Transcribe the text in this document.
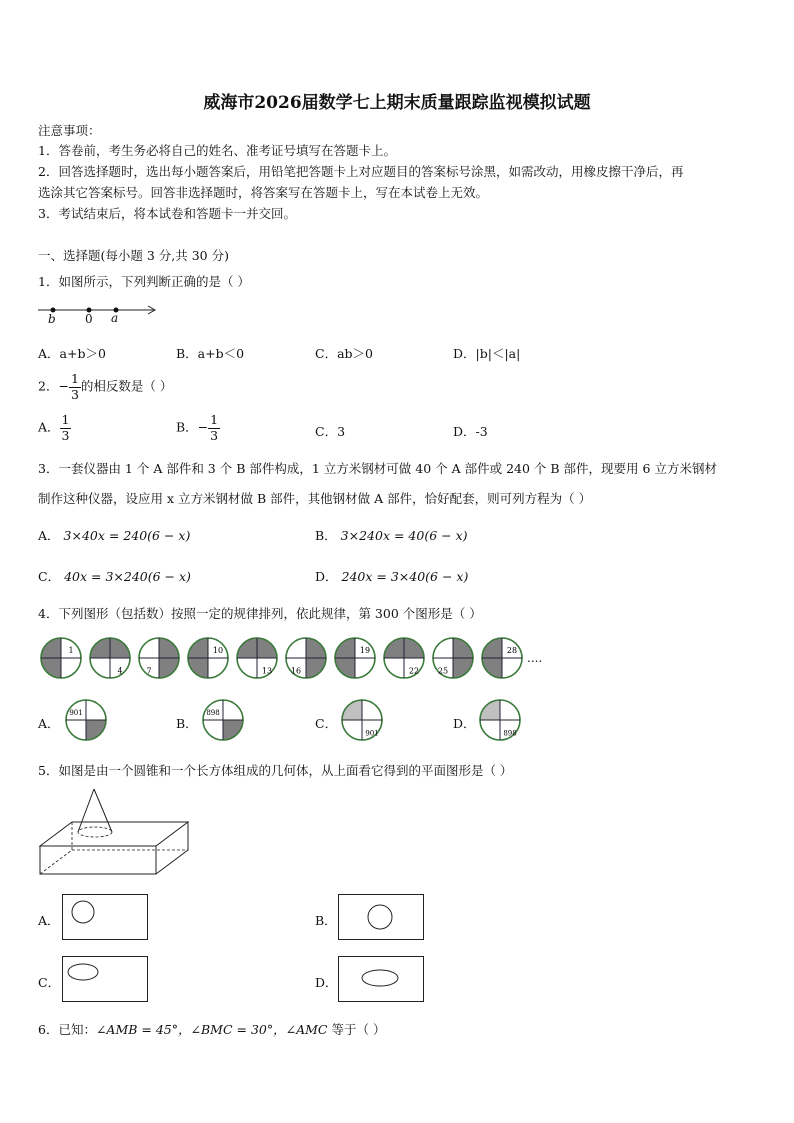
威海市2026届数学七上期末质量跟踪监视模拟试题
注意事项：
1．答卷前，考生务必将自己的姓名、准考证号填写在答题卡上。
2．回答选择题时，选出每小题答案后，用铅笔把答题卡上对应题目的答案标号涂黑，如需改动，用橡皮擦干净后，再
选涂其它答案标号。回答非选择题时，将答案写在答题卡上，写在本试卷上无效。
3．考试结束后，将本试卷和答题卡一并交回。
一、选择题(每小题 3 分,共 30 分)
1．如图所示，下列判断正确的是（ ）
b 0 a
A．a+b＞0	B．a+b＜0	C．ab＞0	D．|b|＜|a|
2．− $\frac{1}{3}$ 的相反数是（ ）
A． $\frac{1}{3}$	B．− $\frac{1}{3}$	C．3	D．-3
3．一套仪器由 1 个 A 部件和 3 个 B 部件构成，1 立方米钢材可做 40 个 A 部件或 240 个 B 部件，现要用 6 立方米钢材
制作这种仪器，设应用 x 立方米钢材做 B 部件，其他钢材做 A 部件，恰好配套，则可列方程为（ ）
A． 3×40x = 240(6 − x)	B． 3×240x = 40(6 − x)
C． 40x = 3×240(6 − x)	D． 240x = 3×40(6 − x)
4．下列图形（包括数）按照一定的规律排列，依此规律，第 300 个图形是（ ）
1
4	7
10
13 16
19
22 25
28
....
A．
901
B．
898
C．
901
D．
898
5．如图是由一个圆锥和一个长方体组成的几何体，从上面看它得到的平面图形是（ ）
A．	B．
C．	D．
6．已知：∠AMB = 45°，∠BMC = 30°，∠AMC 等于（ ）
